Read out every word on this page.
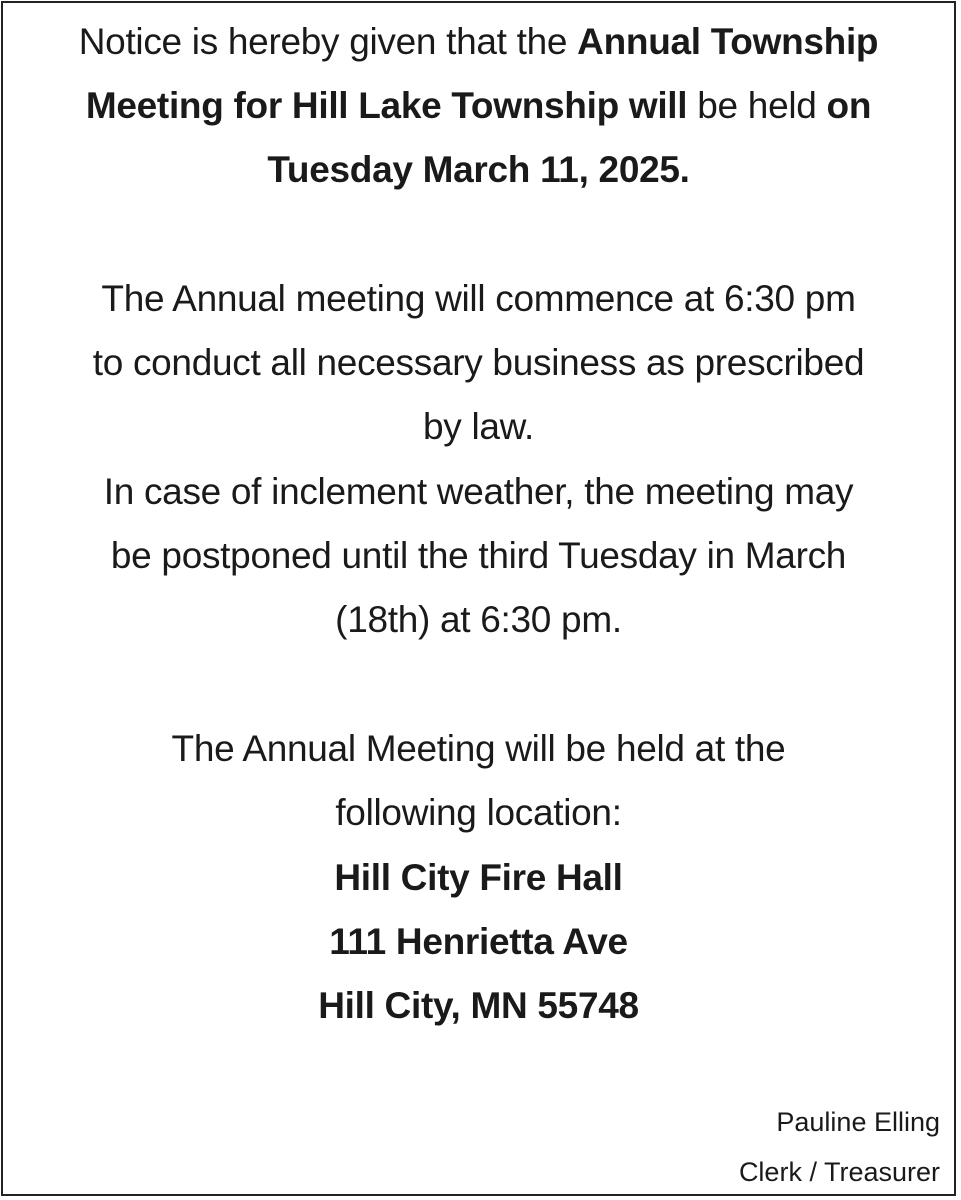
Notice is hereby given that the Annual Township
Meeting for Hill Lake Township will be held on
Tuesday March 11, 2025.
The Annual meeting will commence at 6:30 pm
to conduct all necessary business as prescribed
by law.
In case of inclement weather, the meeting may
be postponed until the third Tuesday in March
(18th) at 6:30 pm.
The Annual Meeting will be held at the
following location:
Hill City Fire Hall
111 Henrietta Ave
Hill City, MN 55748
Pauline Elling
Clerk / Treasurer
